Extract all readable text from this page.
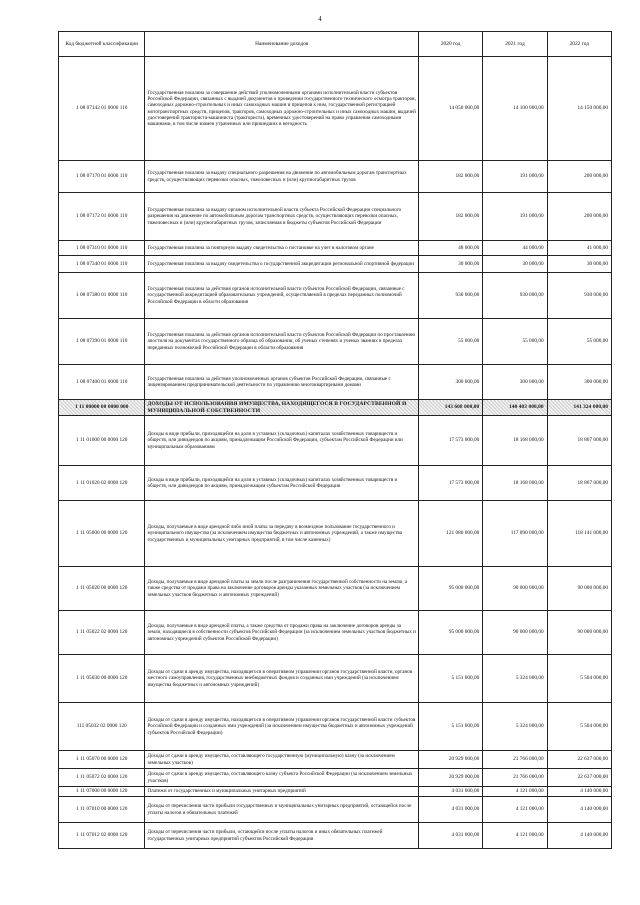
4
Код бюджетной классификации	Наименование доходов	2020 год	2021 год	2022 год
1 08 07142 01 0000 110	Государственная пошлина за совершение действий уполномоченными органами исполнительной власти субъектов Российской Федерации, связанных с выдачей документов о проведении государственного технического осмотра тракторов, самоходных дорожно-строительных и иных самоходных машин и прицепов к ним, государственной регистрацией мототранспортных средств, прицепов, тракторов, самоходных дорожно-строительных и иных самоходных машин, выдачей удостоверений тракториста-машиниста (тракториста), временных удостоверений на право управления самоходными машинами, в том числе взамен утраченных или пришедших в негодность	14 050 000,00	14 100 000,00	14 150 000,00
1 08 07170 01 0000 110	Государственная пошлина за выдачу специального разрешения на движение по автомобильным дорогам транспортных средств, осуществляющих перевозки опасных, тяжеловесных и (или) крупногабаритных грузов	182 000,00	191 000,00	200 000,00
1 08 07172 01 0000 110	Государственная пошлина за выдачу органом исполнительной власти субъекта Российской Федерации специального разрешения на движение по автомобильным дорогам транспортных средств, осуществляющих перевозки опасных, тяжеловесных и (или) крупногабаритных грузов, зачисляемая в бюджеты субъектов Российской Федерации	182 000,00	191 000,00	200 000,00
1 08 07310 01 0000 110	Государственная пошлина за повторную выдачу свидетельства о постановке на учет в налоговом органе	48 000,00	44 000,00	41 000,00
1 08 07340 01 0000 110	Государственная пошлина за выдачу свидетельства о государственной аккредитации региональной спортивной федерации	30 000,00	30 000,00	30 000,00
1 08 07380 01 0000 110	Государственная пошлина за действия органов исполнительной власти субъектов Российской Федерации, связанные с государственной аккредитацией образовательных учреждений, осуществляемой в пределах переданных полномочий Российской Федерации в области образования	930 000,00	930 000,00	930 000,00
1 08 07390 01 0000 110	Государственная пошлина за действия органов исполнительной власти субъектов Российской Федерации по проставлению апостиля на документах государственного образца об образовании, об ученых степенях и ученых званиях в пределах переданных полномочий Российской Федерации в области образования	55 000,00	55 000,00	55 000,00
1 08 07400 01 0000 110	Государственная пошлина за действия уполномоченных органов субъектов Российской Федерации, связанные с лицензированием предпринимательской деятельности по управлению многоквартирными домами	300 000,00	300 000,00	300 000,00
1 11 00000 00 0000 000	ДОХОДЫ ОТ ИСПОЛЬЗОВАНИЯ ИМУЩЕСТВА, НАХОДЯЩЕГОСЯ В ГОСУДАРСТВЕННОЙ И МУНИЦИПАЛЬНОЙ СОБСТВЕННОСТИ	143 608 000,00	140 403 000,00	141 324 000,00
1 11 01000 00 0000 120	Доходы в виде прибыли, приходящейся на доли в уставных (складочных) капиталах хозяйственных товариществ и обществ, или дивидендов по акциям, принадлежащим Российской Федерации, субъектам Российской Федерации или муниципальным образованиям	17 573 000,00	18 168 000,00	18 867 000,00
1 11 01020 02 0000 120	Доходы в виде прибыли, приходящейся на доли в уставных (складочных) капиталах хозяйственных товариществ и обществ, или дивидендов по акциям, принадлежащим субъектам Российской Федерации	17 573 000,00	18 168 000,00	18 867 000,00
1 11 05000 00 0000 120	Доходы, получаемые в виде арендной либо иной платы за передачу в возмездное пользование государственного и муниципального имущества (за исключением имущества бюджетных и автономных учреждений, а также имущества государственных и муниципальных унитарных предприятий, в том числе казенных)	121 080 000,00	117 090 000,00	118 141 000,00
1 11 05020 00 0000 120	Доходы, получаемые в виде арендной платы за земли после разграничения государственной собственности на землю, а также средства от продажи права на заключение договоров аренды указанных земельных участков (за исключением земельных участков бюджетных и автономных учреждений)	95 000 000,00	90 000 000,00	90 000 000,00
1 11 05022 02 0000 120	Доходы, получаемые в виде арендной платы, а также средства от продажи права на заключение договоров аренды за земли, находящиеся в собственности субъектов Российской Федерации (за исключением земельных участков бюджетных и автономных учреждений субъектов Российской Федерации)	95 000 000,00	90 000 000,00	90 000 000,00
1 11 05030 00 0000 120	Доходы от сдачи в аренду имущества, находящегося в оперативном управлении органов государственной власти, органов местного самоуправления, государственных внебюджетных фондов и созданных ими учреждений (за исключением имущества бюджетных и автономных учреждений)	5 151 000,00	5 324 000,00	5 504 000,00
111 05032 02 0000 120	Доходы от сдачи в аренду имущества, находящегося в оперативном управлении органов государственной власти субъектов Российской Федерации и созданных ими учреждений (за исключением имущества бюджетных и автономных учреждений субъектов Российской Федерации)	5 151 000,00	5 324 000,00	5 504 000,00
1 11 05070 00 0000 120	Доходы от сдачи в аренду имущества, составляющего государственную (муниципальную) казну (за исключением земельных участков)	20 929 000,00	21 766 000,00	22 637 000,00
1 11 05072 02 0000 120	Доходы от сдачи в аренду имущества, составляющего казну субъекта Российской Федерации (за исключением земельных участков)	20 929 000,00	21 766 000,00	22 637 000,00
1 11 07000 00 0000 120	Платежи от государственных и муниципальных унитарных предприятий	4 031 000,00	4 121 000,00	4 140 000,00
1 11 07010 00 0000 120	Доходы от перечисления части прибыли государственных и муниципальных унитарных предприятий, остающейся после уплаты налогов и обязательных платежей	4 031 000,00	4 121 000,00	4 140 000,00
1 11 07012 02 0000 120	Доходы от перечисления части прибыли, остающейся после уплаты налогов и иных обязательных платежей государственных унитарных предприятий субъектов Российской Федерации	4 031 000,00	4 121 000,00	4 140 000,00
